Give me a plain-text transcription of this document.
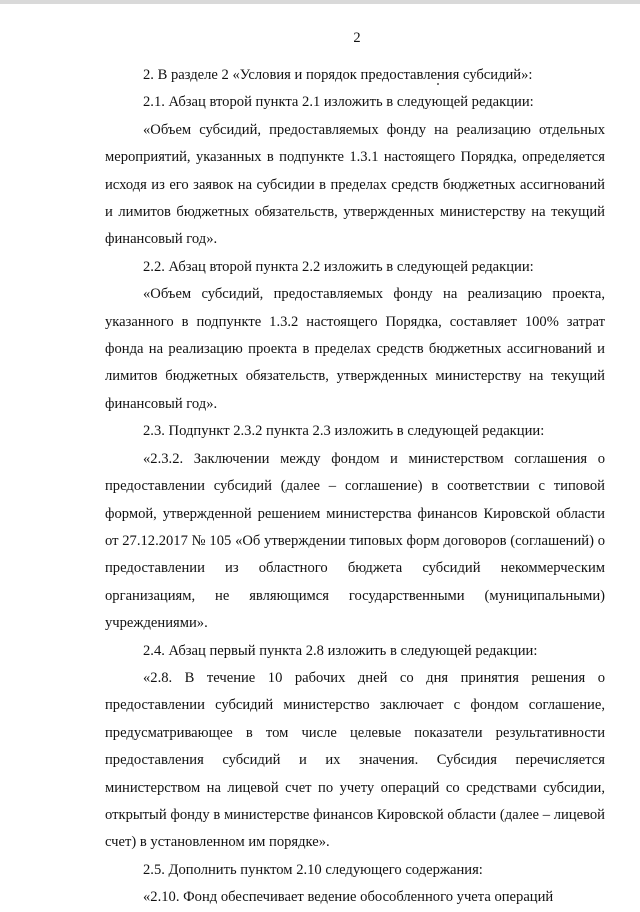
2

2. В разделе 2 «Условия и порядок предоставления субсидий»:

2.1. Абзац второй пункта 2.1 изложить в следующей редакции:

«Объем субсидий, предоставляемых фонду на реализацию отдельных мероприятий, указанных в подпункте 1.3.1 настоящего Порядка, определяется исходя из его заявок на субсидии в пределах средств бюджетных ассигнований и лимитов бюджетных обязательств, утвержденных министерству на текущий финансовый год».

2.2. Абзац второй пункта 2.2 изложить в следующей редакции:

«Объем субсидий, предоставляемых фонду на реализацию проекта, указанного в подпункте 1.3.2 настоящего Порядка, составляет 100% затрат фонда на реализацию проекта в пределах средств бюджетных ассигнований и лимитов бюджетных обязательств, утвержденных министерству на текущий финансовый год».

2.3. Подпункт 2.3.2 пункта 2.3 изложить в следующей редакции:

«2.3.2. Заключении между фондом и министерством соглашения о предоставлении субсидий (далее – соглашение) в соответствии с типовой формой, утвержденной решением министерства финансов Кировской области от 27.12.2017 № 105 «Об утверждении типовых форм договоров (соглашений) о предоставлении из областного бюджета субсидий некоммерческим организациям, не являющимся государственными (муниципальными) учреждениями».

2.4. Абзац первый пункта 2.8 изложить в следующей редакции:

«2.8. В течение 10 рабочих дней со дня принятия решения о предоставлении субсидий министерство заключает с фондом соглашение, предусматривающее в том числе целевые показатели результативности предоставления субсидий и их значения. Субсидия перечисляется министерством на лицевой счет по учету операций со средствами субсидии, открытый фонду в министерстве финансов Кировской области (далее – лицевой счет) в установленном им порядке».

2.5. Дополнить пунктом 2.10 следующего содержания:

«2.10. Фонд обеспечивает ведение обособленного учета операций
